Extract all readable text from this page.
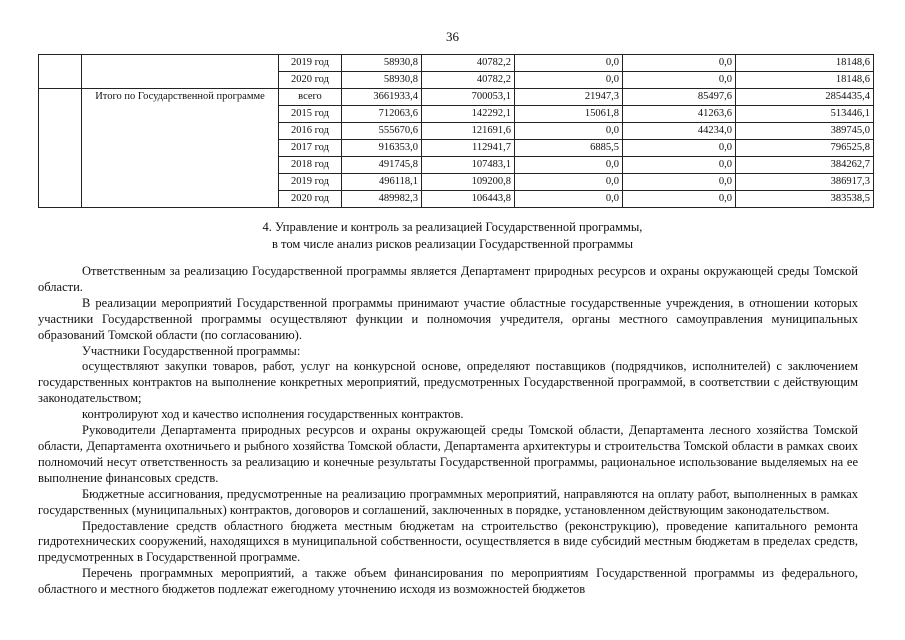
36
		2019 год	58930,8	40782,2	0,0	0,0	18148,6
		2020 год	58930,8	40782,2	0,0	0,0	18148,6
	Итого по Государственной программе	всего	3661933,4	700053,1	21947,3	85497,6	2854435,4
		2015 год	712063,6	142292,1	15061,8	41263,6	513446,1
		2016 год	555670,6	121691,6	0,0	44234,0	389745,0
		2017 год	916353,0	112941,7	6885,5	0,0	796525,8
		2018 год	491745,8	107483,1	0,0	0,0	384262,7
		2019 год	496118,1	109200,8	0,0	0,0	386917,3
		2020 год	489982,3	106443,8	0,0	0,0	383538,5
4. Управление и контроль за реализацией Государственной программы,
в том числе анализ рисков реализации Государственной программы

Ответственным за реализацию Государственной программы является Департамент природных ресурсов и охраны окружающей среды Томской области.

В реализации мероприятий Государственной программы принимают участие областные государственные учреждения, в отношении которых участники Государственной программы осуществляют функции и полномочия учредителя, органы местного самоуправления муниципальных образований Томской области (по согласованию).

Участники Государственной программы:

осуществляют закупки товаров, работ, услуг на конкурсной основе, определяют поставщиков (подрядчиков, исполнителей) с заключением государственных контрактов на выполнение конкретных мероприятий, предусмотренных Государственной программой, в соответствии с действующим законодательством;

контролируют ход и качество исполнения государственных контрактов.

Руководители Департамента природных ресурсов и охраны окружающей среды Томской области, Департамента лесного хозяйства Томской области, Департамента охотничьего и рыбного хозяйства Томской области, Департамента архитектуры и строительства Томской области в рамках своих полномочий несут ответственность за реализацию и конечные результаты Государственной программы, рациональное использование выделяемых на ее выполнение финансовых средств.

Бюджетные ассигнования, предусмотренные на реализацию программных мероприятий, направляются на оплату работ, выполненных в рамках государственных (муниципальных) контрактов, договоров и соглашений, заключенных в порядке, установленном действующим законодательством.

Предоставление средств областного бюджета местным бюджетам на строительство (реконструкцию), проведение капитального ремонта гидротехнических сооружений, находящихся в муниципальной собственности, осуществляется в виде субсидий местным бюджетам в пределах средств, предусмотренных в Государственной программе.

Перечень программных мероприятий, а также объем финансирования по мероприятиям Государственной программы из федерального, областного и местного бюджетов подлежат ежегодному уточнению исходя из возможностей бюджетов
